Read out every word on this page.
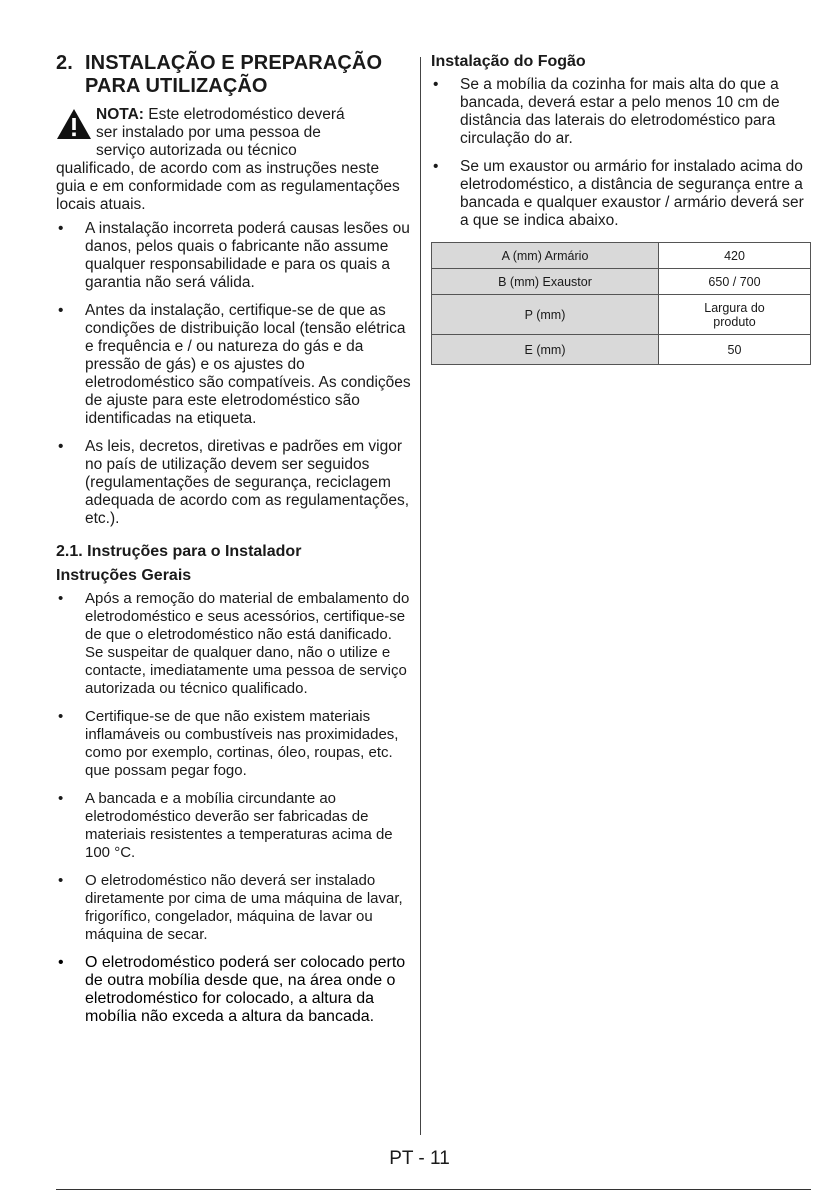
2. INSTALAÇÃO E PREPARAÇÃO
PARA UTILIZAÇÃO
NOTA: Este eletrodoméstico deverá
ser instalado por uma pessoa de
serviço autorizada ou técnico
qualificado, de acordo com as instruções neste guia e em conformidade com as regulamentações locais atuais.
• A instalação incorreta poderá causas lesões ou danos, pelos quais o fabricante não assume qualquer responsabilidade e para os quais a garantia não será válida.
• Antes da instalação, certifique-se de que as condições de distribuição local (tensão elétrica e frequência e / ou natureza do gás e da pressão de gás) e os ajustes do eletrodoméstico são compatíveis. As condições de ajuste para este eletrodoméstico são identificadas na etiqueta.
• As leis, decretos, diretivas e padrões em vigor no país de utilização devem ser seguidos (regulamentações de segurança, reciclagem adequada de acordo com as regulamentações, etc.).
2.1. Instruções para o Instalador
Instruções Gerais
• Após a remoção do material de embalamento do eletrodoméstico e seus acessórios, certifique-se de que o eletrodoméstico não está danificado. Se suspeitar de qualquer dano, não o utilize e contacte, imediatamente uma pessoa de serviço autorizada ou técnico qualificado.
• Certifique-se de que não existem materiais inflamáveis ou combustíveis nas proximidades, como por exemplo, cortinas, óleo, roupas, etc. que possam pegar fogo.
• A bancada e a mobília circundante ao eletrodoméstico deverão ser fabricadas de materiais resistentes a temperaturas acima de 100 °C.
• O eletrodoméstico não deverá ser instalado diretamente por cima de uma máquina de lavar, frigorífico, congelador, máquina de lavar ou máquina de secar.
• O eletrodoméstico poderá ser colocado perto de outra mobília desde que, na área onde o eletrodoméstico for colocado, a altura da mobília não exceda a altura da bancada.
Instalação do Fogão
• Se a mobília da cozinha for mais alta do que a bancada, deverá estar a pelo menos 10 cm de distância das laterais do eletrodoméstico para circulação do ar.
• Se um exaustor ou armário for instalado acima do eletrodoméstico, a distância de segurança entre a bancada e qualquer exaustor / armário deverá ser a que se indica abaixo.
A (mm) Armário	420
B (mm) Exaustor	650 / 700
P (mm)	Largura do produto
E (mm)	50
PT - 11
